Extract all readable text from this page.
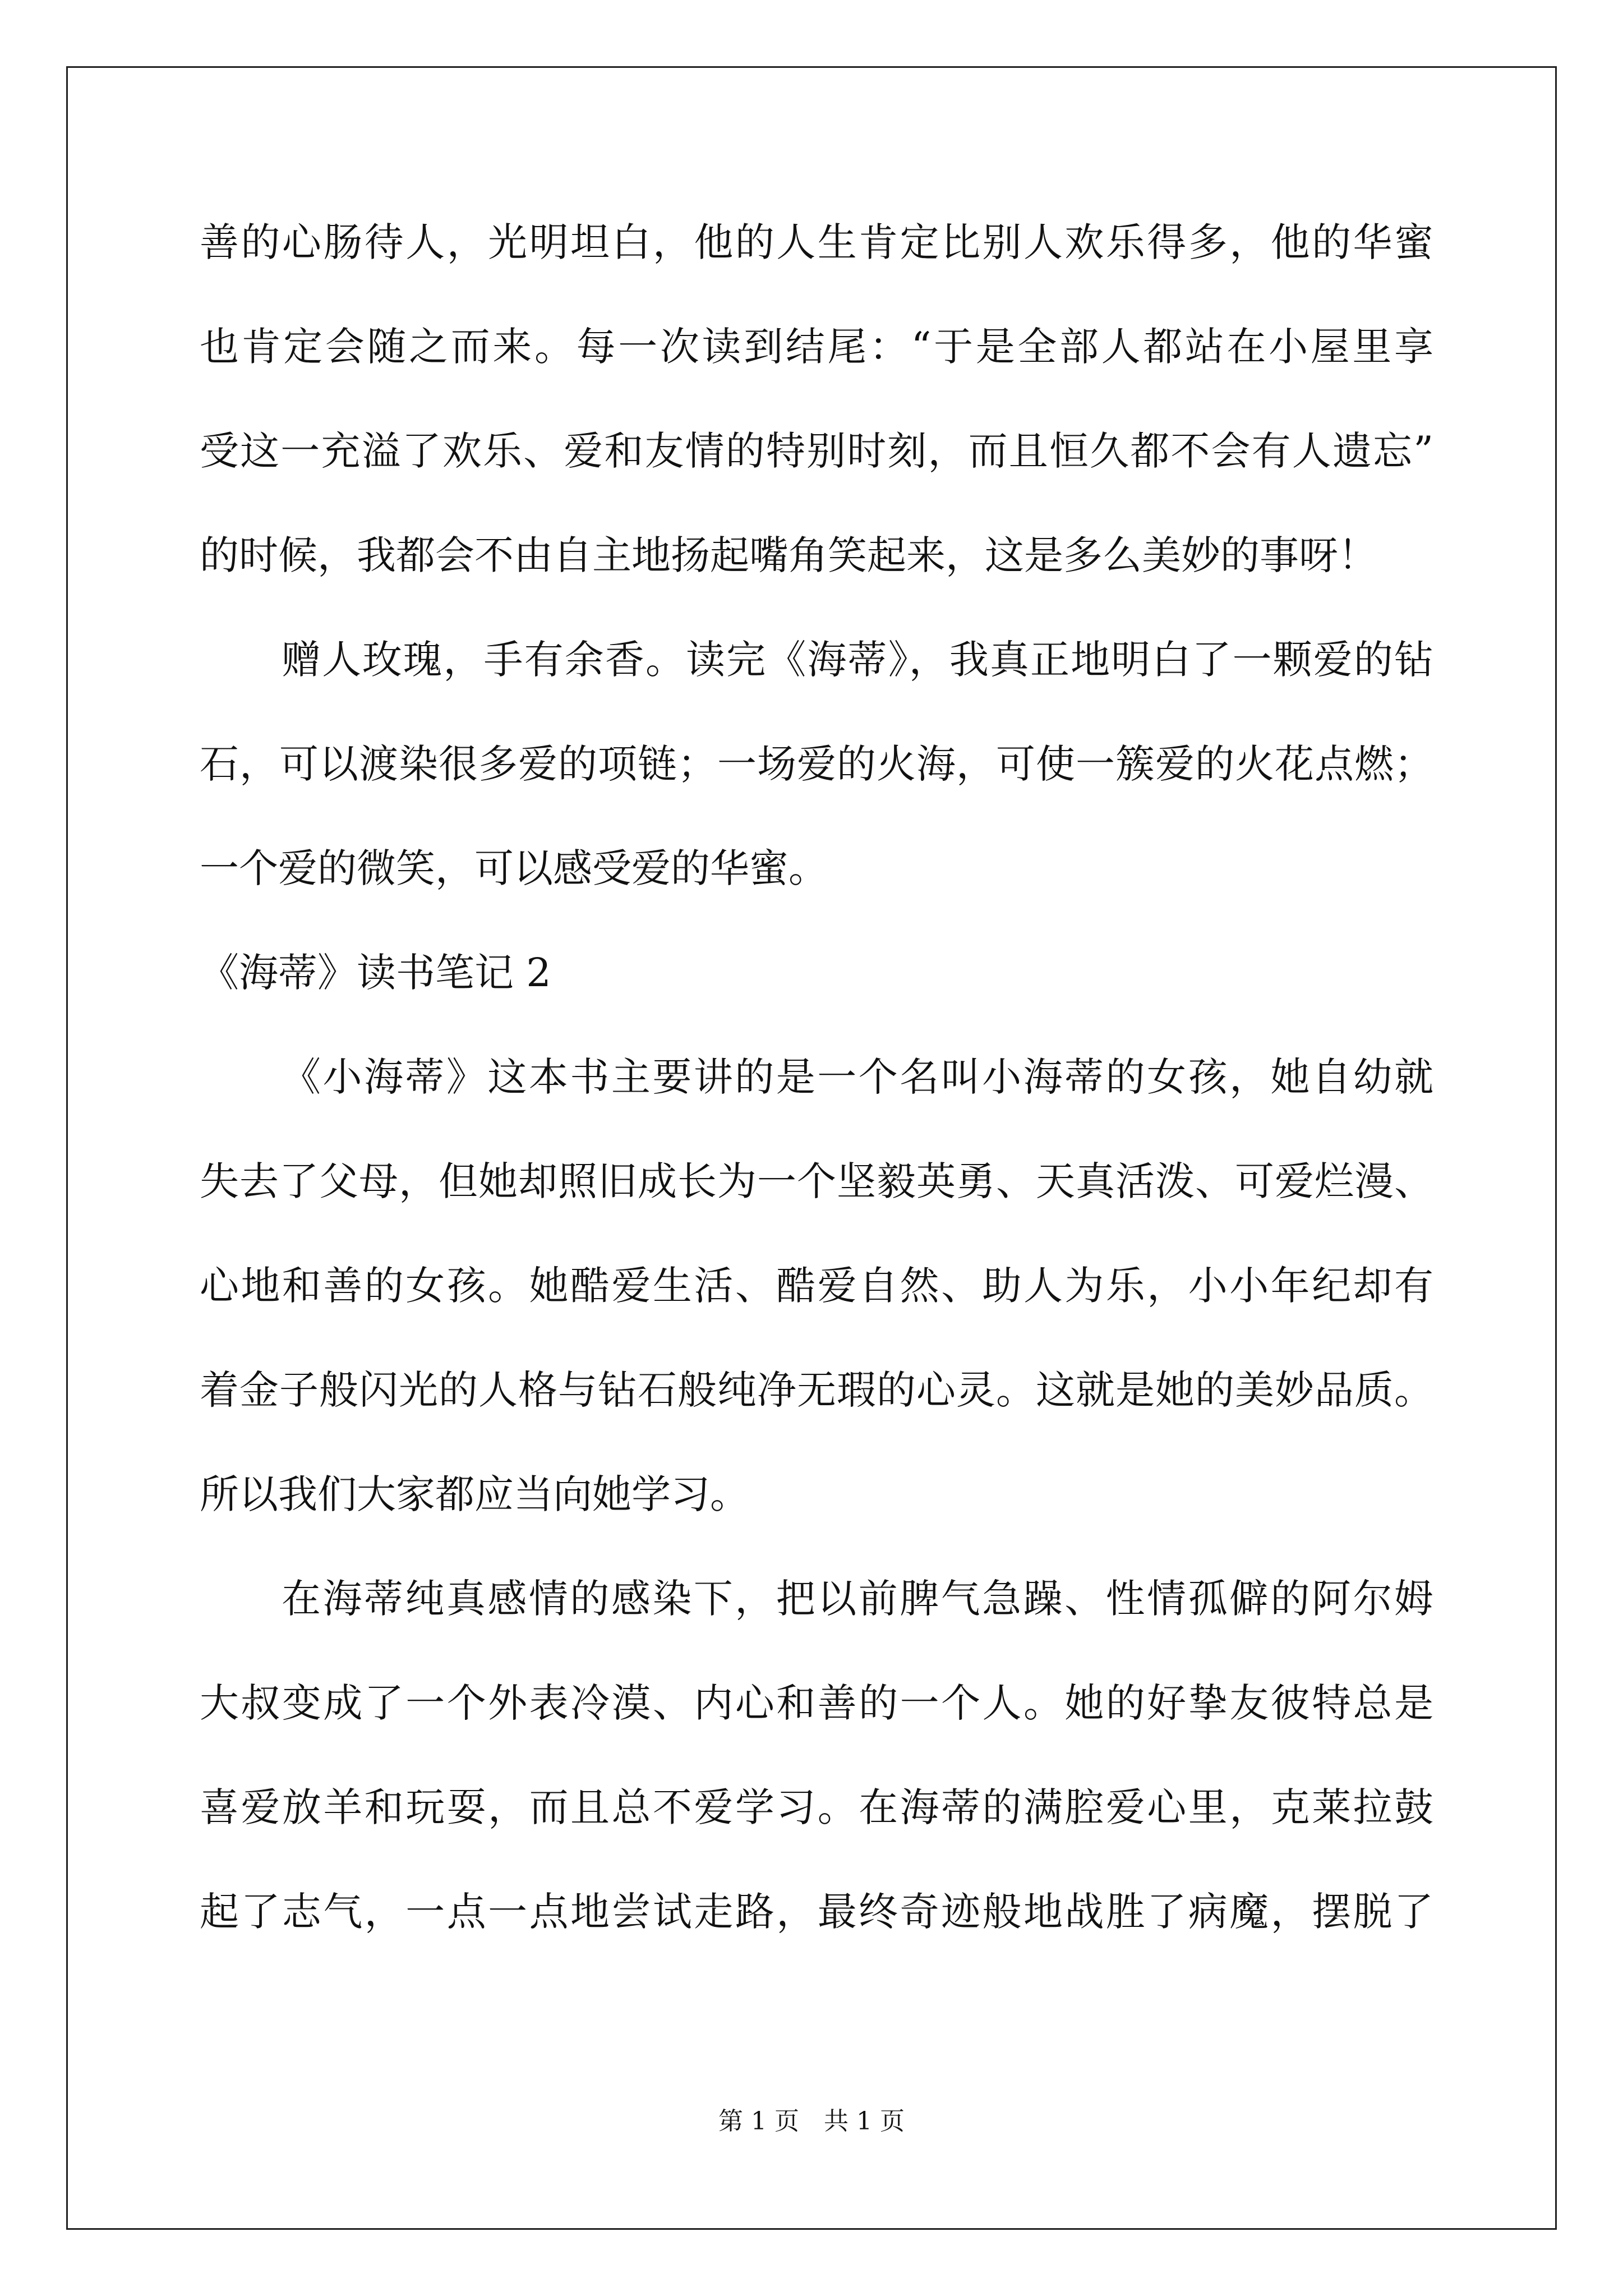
善的心肠待人，光明坦白，他的人生肯定比别人欢乐得多，他的华蜜
也肯定会随之而来。每一次读到结尾：“于是全部人都站在小屋里享
受这一充溢了欢乐、爱和友情的特别时刻，而且恒久都不会有人遗忘”
的时候，我都会不由自主地扬起嘴角笑起来，这是多么美妙的事呀！
赠人玫瑰，手有余香。读完《海蒂》，我真正地明白了一颗爱的钻
石，可以渡染很多爱的项链；一场爱的火海，可使一簇爱的火花点燃；
一个爱的微笑，可以感受爱的华蜜。
《海蒂》读书笔记 2
《小海蒂》这本书主要讲的是一个名叫小海蒂的女孩，她自幼就
失去了父母，但她却照旧成长为一个坚毅英勇、天真活泼、可爱烂漫、
心地和善的女孩。她酷爱生活、酷爱自然、助人为乐，小小年纪却有
着金子般闪光的人格与钻石般纯净无瑕的心灵。这就是她的美妙品质。
所以我们大家都应当向她学习。
在海蒂纯真感情的感染下，把以前脾气急躁、性情孤僻的阿尔姆
大叔变成了一个外表冷漠、内心和善的一个人。她的好挚友彼特总是
喜爱放羊和玩耍，而且总不爱学习。在海蒂的满腔爱心里，克莱拉鼓
起了志气，一点一点地尝试走路，最终奇迹般地战胜了病魔，摆脱了
第 1 页　共 1 页
